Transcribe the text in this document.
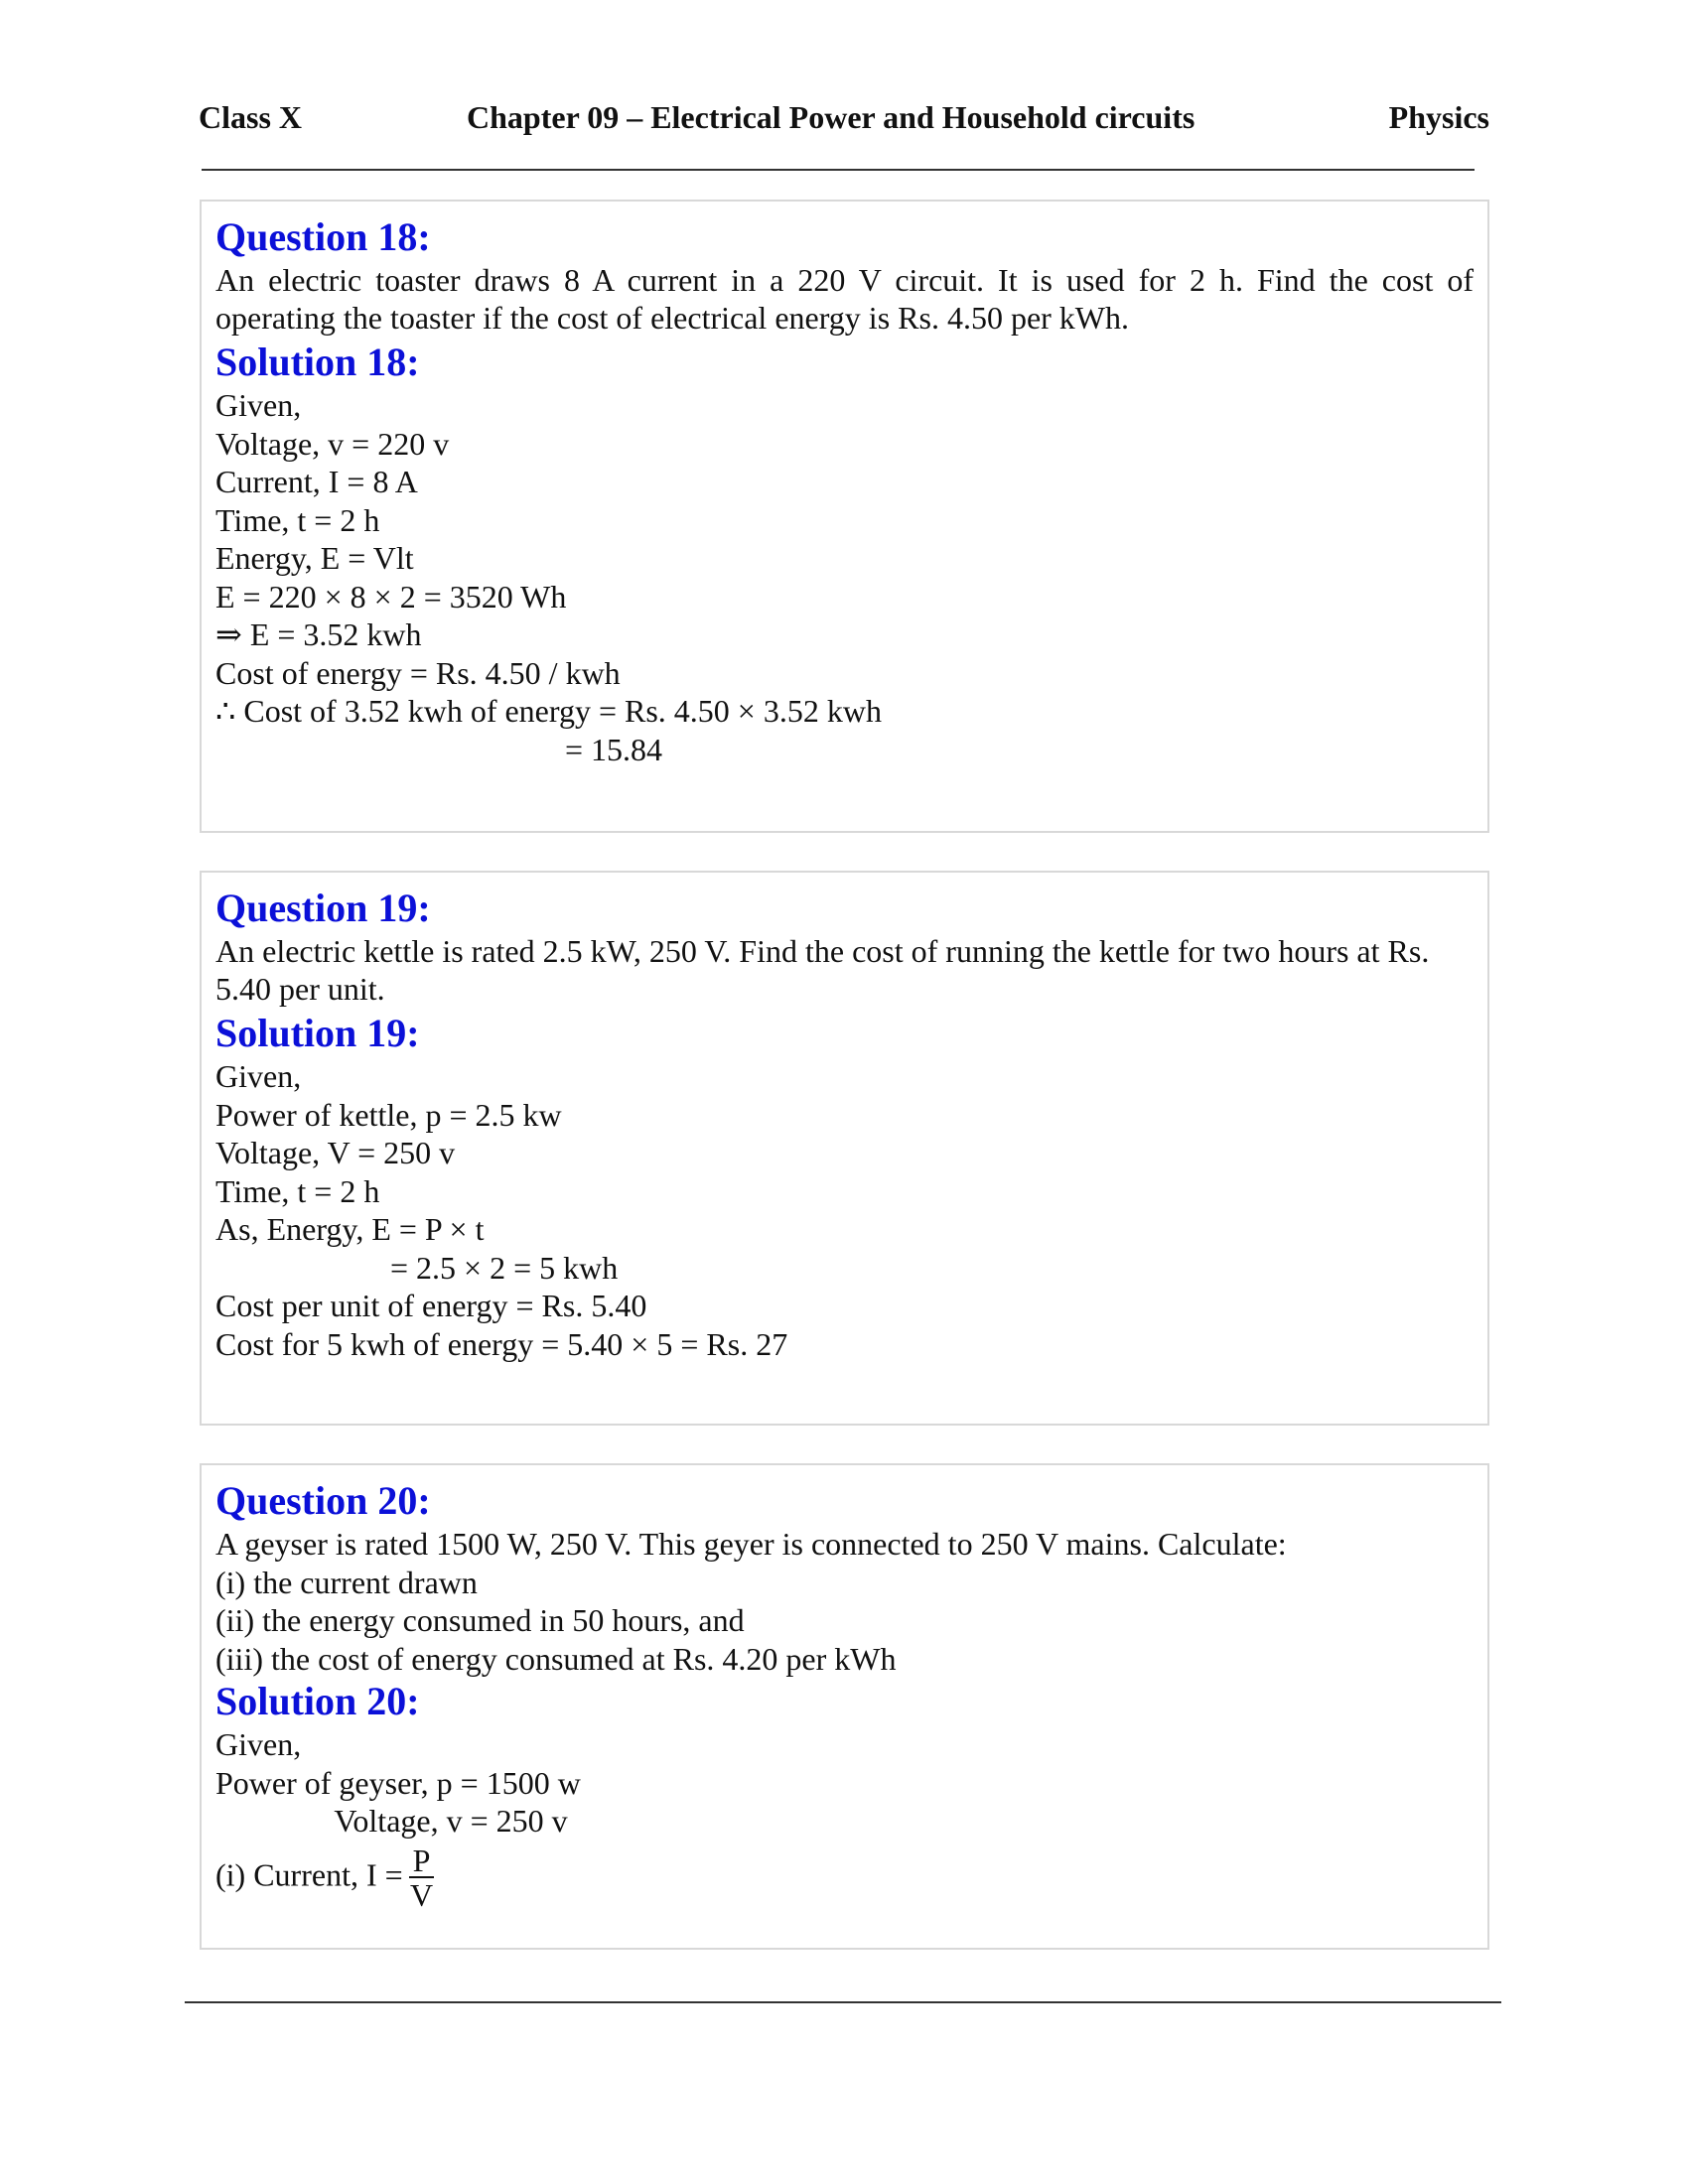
Class X	Chapter 09 – Electrical Power and Household circuits	Physics
Question 18:

An electric toaster draws 8 A current in a 220 V circuit. It is used for 2 h. Find the cost of operating the toaster if the cost of electrical energy is Rs. 4.50 per kWh.

Solution 18:
Given,
Voltage, v = 220 v
Current, I = 8 A
Time, t = 2 h
Energy, E = Vlt
E = 220 × 8 × 2 = 3520 Wh
⇒ E = 3.52 kwh
Cost of energy = Rs. 4.50 / kwh
∴ Cost of 3.52 kwh of energy = Rs. 4.50 × 3.52 kwh
= 15.84
Question 19:

An electric kettle is rated 2.5 kW, 250 V. Find the cost of running the kettle for two hours at Rs. 5.40 per unit.

Solution 19:
Given,
Power of kettle, p = 2.5 kw
Voltage, V = 250 v
Time, t = 2 h
As, Energy, E = P × t
= 2.5 × 2 = 5 kwh
Cost per unit of energy = Rs. 5.40
Cost for 5 kwh of energy = 5.40 × 5 = Rs. 27
Question 20:
A geyser is rated 1500 W, 250 V. This geyer is connected to 250 V mains. Calculate:
(i) the current drawn
(ii) the energy consumed in 50 hours, and
(iii) the cost of energy consumed at Rs. 4.20 per kWh
Solution 20:
Given,
Power of geyser, p = 1500 w
Voltage, v = 250 v
(i) Current, $I = \frac{P}{V}$
